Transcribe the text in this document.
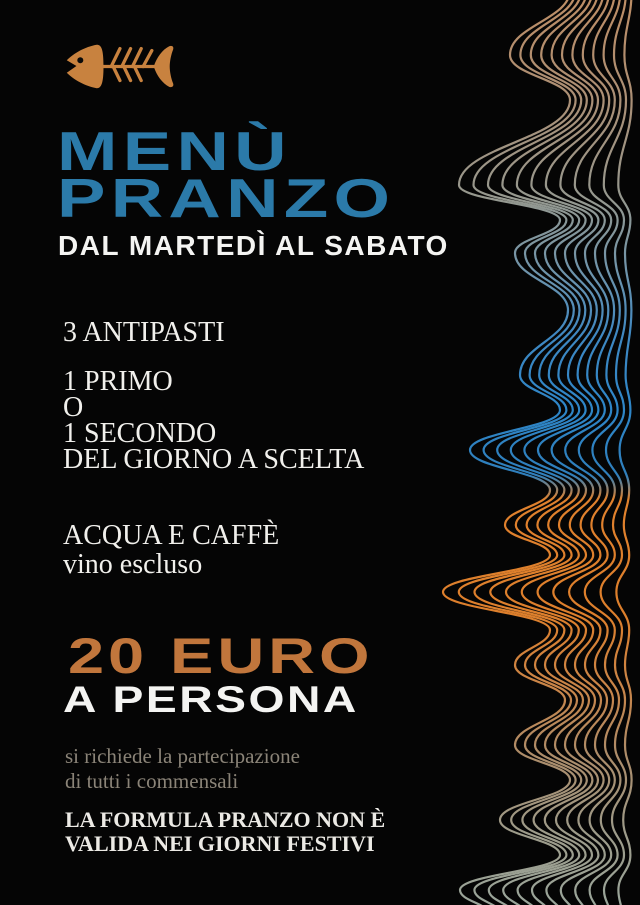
MENÙ
PRANZO
DAL MARTEDÌ AL SABATO
3 ANTIPASTI
1 PRIMO
O
1 SECONDO
DEL GIORNO A SCELTA
ACQUA E CAFFÈ
vino escluso
20 EURO
A PERSONA
si richiede la partecipazione
di tutti i commensali
LA FORMULA PRANZO NON È
VALIDA NEI GIORNI FESTIVI
